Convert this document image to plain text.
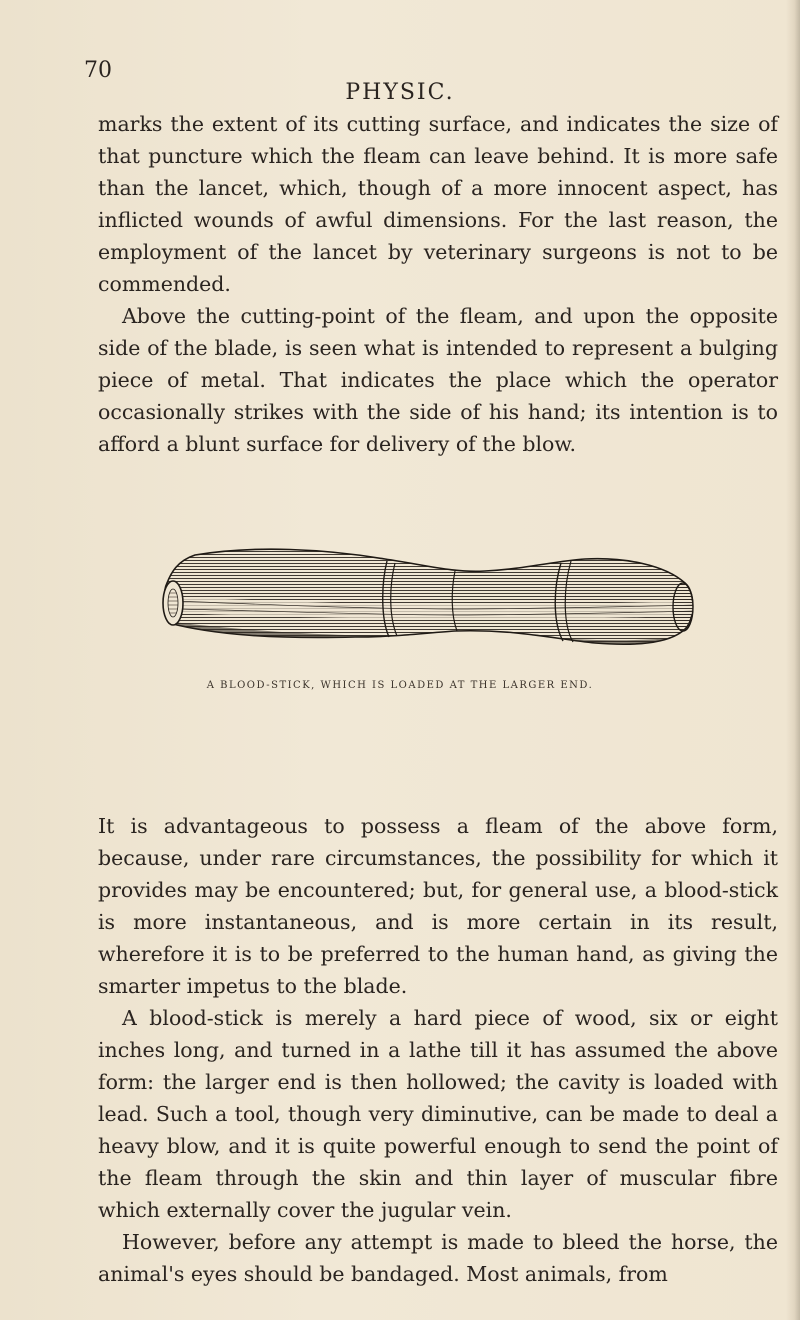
70
PHYSIC.

marks the extent of its cutting surface, and indicates the size of that puncture which the fleam can leave behind. It is more safe than the lancet, which, though of a more innocent aspect, has inflicted wounds of awful dimensions. For the last reason, the employment of the lancet by veterinary surgeons is not to be commended.

Above the cutting-point of the fleam, and upon the opposite side of the blade, is seen what is intended to represent a bulging piece of metal. That indicates the place which the operator occasionally strikes with the side of his hand; its intention is to afford a blunt surface for delivery of the blow.

A BLOOD-STICK, WHICH IS LOADED AT THE LARGER END.

It is advantageous to possess a fleam of the above form, because, under rare circumstances, the possibility for which it provides may be encountered; but, for general use, a blood-stick is more instantaneous, and is more certain in its result, wherefore it is to be preferred to the human hand, as giving the smarter impetus to the blade.

A blood-stick is merely a hard piece of wood, six or eight inches long, and turned in a lathe till it has assumed the above form: the larger end is then hollowed; the cavity is loaded with lead. Such a tool, though very diminutive, can be made to deal a heavy blow, and it is quite powerful enough to send the point of the fleam through the skin and thin layer of muscular fibre which externally cover the jugular vein.

However, before any attempt is made to bleed the horse, the animal's eyes should be bandaged. Most animals, from
